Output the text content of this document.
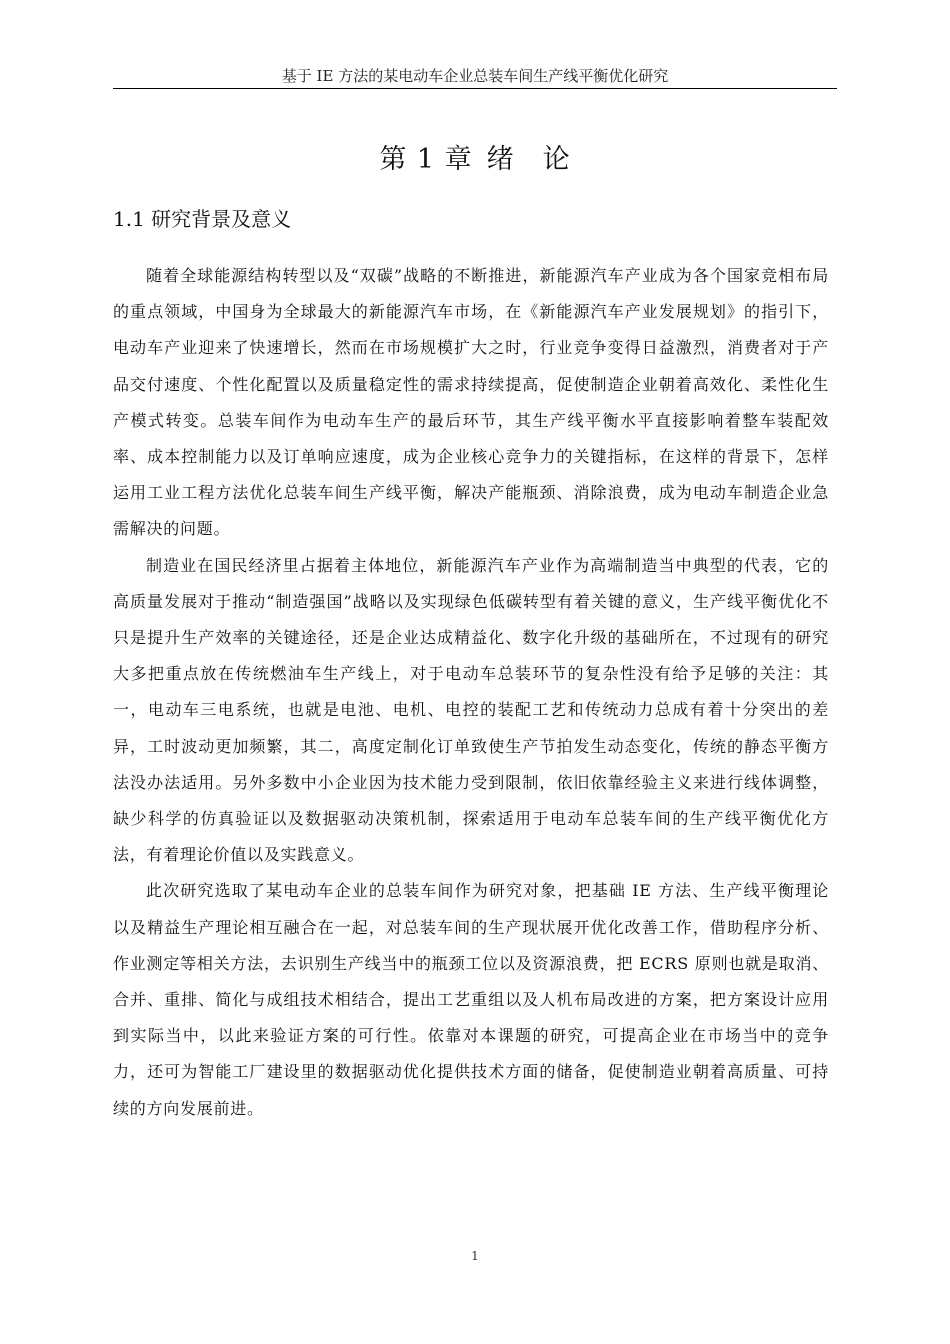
基于 IE 方法的某电动车企业总装车间生产线平衡优化研究
第 1 章 绪　论
1.1 研究背景及意义

随着全球能源结构转型以及“双碳”战略的不断推进，新能源汽车产业成为各个国家竞相布局的重点领域，中国身为全球最大的新能源汽车市场，在《新能源汽车产业发展规划》的指引下，电动车产业迎来了快速增长，然而在市场规模扩大之时，行业竞争变得日益激烈，消费者对于产品交付速度、个性化配置以及质量稳定性的需求持续提高，促使制造企业朝着高效化、柔性化生产模式转变。总装车间作为电动车生产的最后环节，其生产线平衡水平直接影响着整车装配效率、成本控制能力以及订单响应速度，成为企业核心竞争力的关键指标，在这样的背景下，怎样运用工业工程方法优化总装车间生产线平衡，解决产能瓶颈、消除浪费，成为电动车制造企业急需解决的问题。

制造业在国民经济里占据着主体地位，新能源汽车产业作为高端制造当中典型的代表，它的高质量发展对于推动“制造强国”战略以及实现绿色低碳转型有着关键的意义，生产线平衡优化不只是提升生产效率的关键途径，还是企业达成精益化、数字化升级的基础所在，不过现有的研究大多把重点放在传统燃油车生产线上，对于电动车总装环节的复杂性没有给予足够的关注：其一，电动车三电系统，也就是电池、电机、电控的装配工艺和传统动力总成有着十分突出的差异，工时波动更加频繁，其二，高度定制化订单致使生产节拍发生动态变化，传统的静态平衡方法没办法适用。另外多数中小企业因为技术能力受到限制，依旧依靠经验主义来进行线体调整，缺少科学的仿真验证以及数据驱动决策机制，探索适用于电动车总装车间的生产线平衡优化方法，有着理论价值以及实践意义。

此次研究选取了某电动车企业的总装车间作为研究对象，把基础 IE 方法、生产线平衡理论以及精益生产理论相互融合在一起，对总装车间的生产现状展开优化改善工作，借助程序分析、作业测定等相关方法，去识别生产线当中的瓶颈工位以及资源浪费，把 ECRS 原则也就是取消、合并、重排、简化与成组技术相结合，提出工艺重组以及人机布局改进的方案，把方案设计应用到实际当中，以此来验证方案的可行性。依靠对本课题的研究，可提高企业在市场当中的竞争力，还可为智能工厂建设里的数据驱动优化提供技术方面的储备，促使制造业朝着高质量、可持续的方向发展前进。

1
